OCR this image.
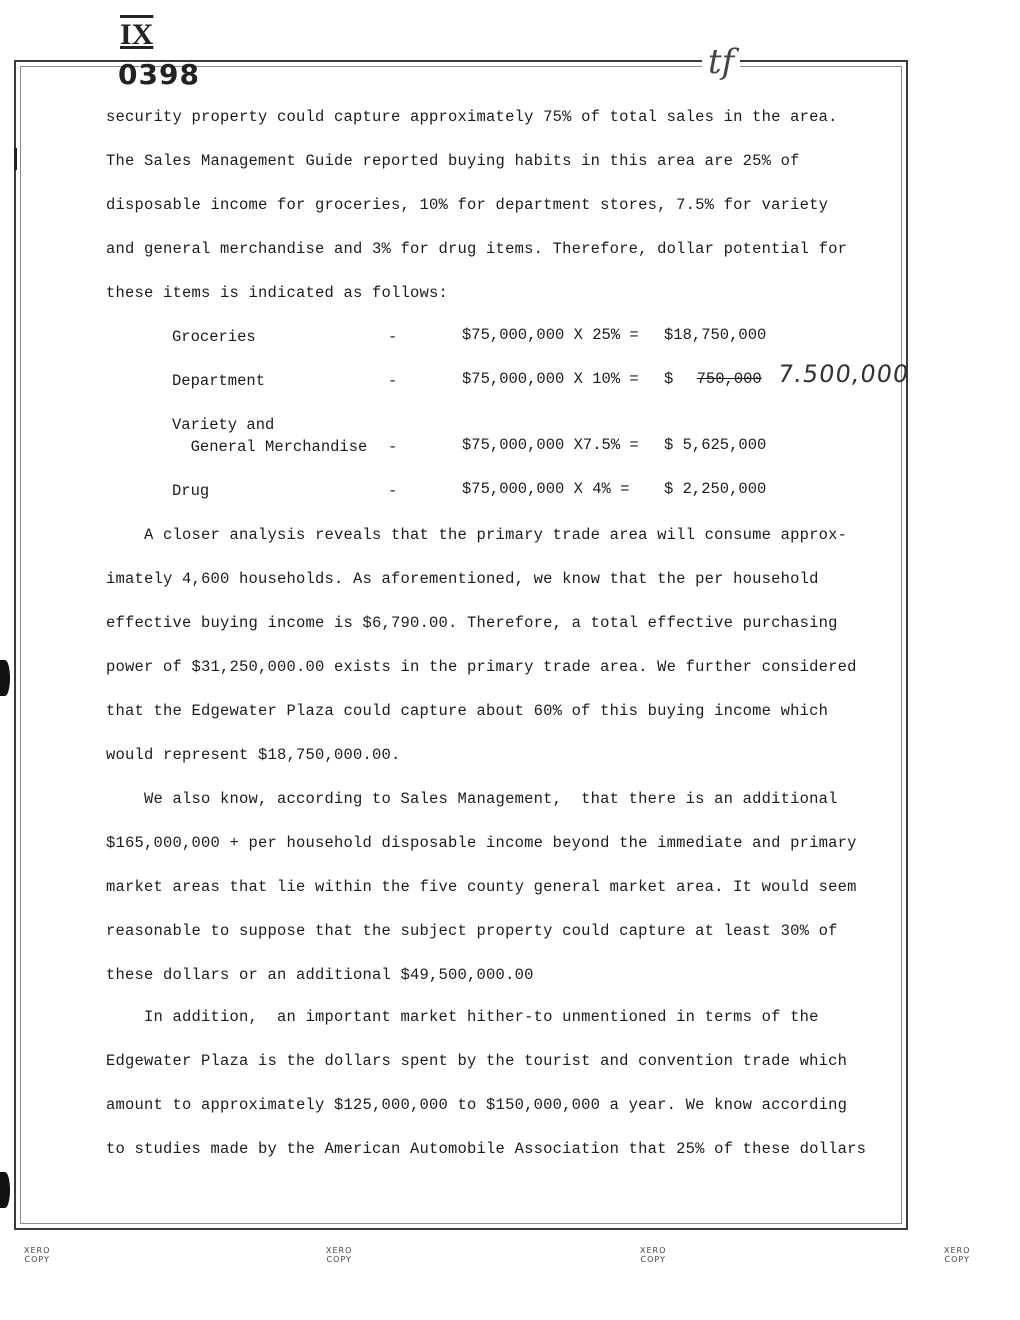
IX
0398	tf
security property could capture approximately 75% of total sales in the area.
The Sales Management Guide reported buying habits in this area are 25% of
disposable income for groceries, 10% for department stores, 7.5% for variety
and general merchandise and 3% for drug items. Therefore, dollar potential for
these items is indicated as follows:
Groceries	-	$75,000,000 X 25% = $18,750,000
Department	-	$75,000,000 X 10% = $ 750,000 7.500,000
Variety and
General Merchandise -	$75,000,000 X7.5% = $ 5,625,000
Drug	-	$75,000,000 X 4% = $ 2,250,000
A closer analysis reveals that the primary trade area will consume approx-
imately 4,600 households. As aforementioned, we know that the per household
effective buying income is $6,790.00. Therefore, a total effective purchasing
power of $31,250,000.00 exists in the primary trade area. We further considered
that the Edgewater Plaza could capture about 60% of this buying income which
would represent $18,750,000.00.
We also know, according to Sales Management,  that there is an additional
$165,000,000 + per household disposable income beyond the immediate and primary
market areas that lie within the five county general market area. It would seem
reasonable to suppose that the subject property could capture at least 30% of
these dollars or an additional $49,500,000.00
In addition,  an important market hither-to unmentioned in terms of the
Edgewater Plaza is the dollars spent by the tourist and convention trade which
amount to approximately $125,000,000 to $150,000,000 a year. We know according
to studies made by the American Automobile Association that 25% of these dollars
XERO
COPY
XERO
COPY
XERO
COPY
XERO
COPY
